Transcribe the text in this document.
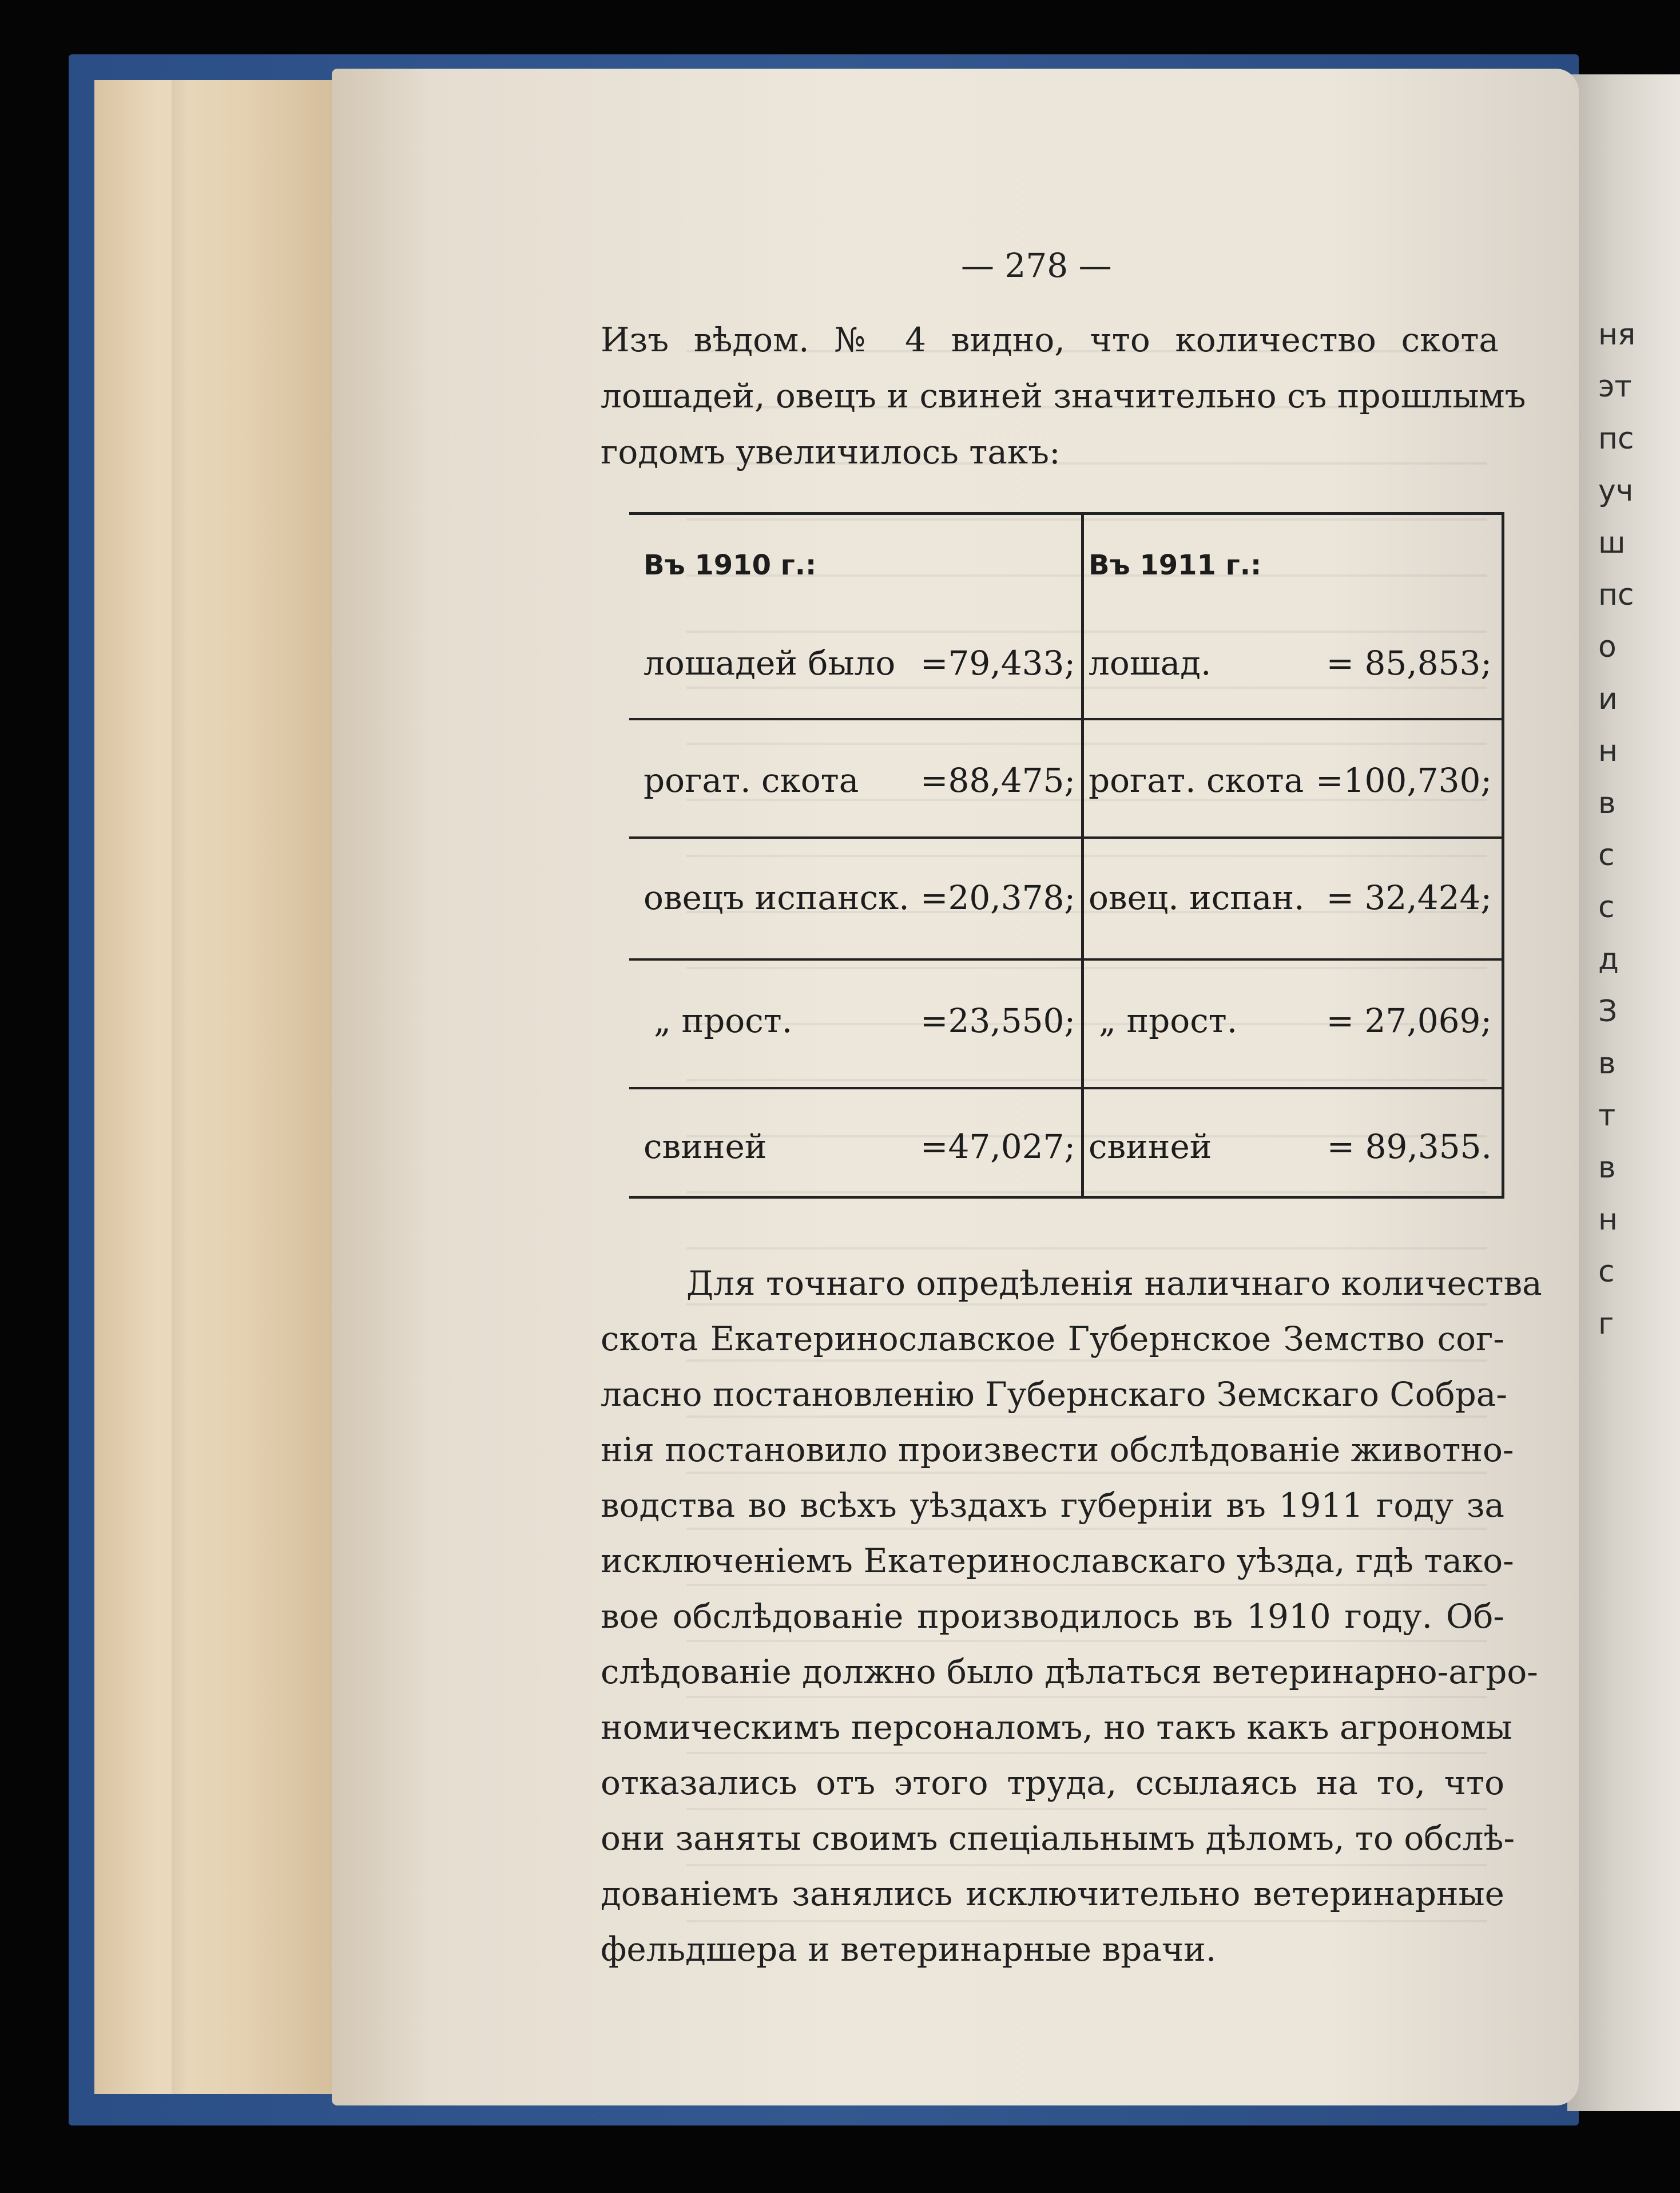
ня
эт
пс
уч
ш
пс
о
и
н
в
с
с
д
З
в
т
в
н
с
г
— 278 —
Изъ вѣдом. № 4 видно, что количество скота
лошадей, овецъ и свиней значительно съ прошлымъ
годомъ увеличилось такъ:
Въ 1910 г.:	Въ 1911 г.:
лошадей было =79,433; лошад.	= 85,853;
рогат. скота =88,475; рогат. скота =100,730;
овецъ испанск. =20,378; овец. испан. = 32,424;
„ прост.	=23,550; „ прост.	= 27,069;
свиней	=47,027; свиней	= 89,355.
Для точнаго опредѣленія наличнаго количества
скота Екатеринославское Губернское Земство сог-
ласно постановленію Губернскаго Земскаго Собра-
нія постановило произвести обслѣдованіе животно-
водства во всѣхъ уѣздахъ губерніи въ 1911 году за
исключеніемъ Екатеринославскаго уѣзда, гдѣ тако-
вое обслѣдованіе производилось въ 1910 году. Об-
слѣдованіе должно было дѣлаться ветеринарно-агро-
номическимъ персоналомъ, но такъ какъ агрономы
отказались отъ этого труда, ссылаясь на то, что
они заняты своимъ спеціальнымъ дѣломъ, то обслѣ-
дованіемъ занялись исключительно ветеринарные
фельдшера и ветеринарные врачи.
